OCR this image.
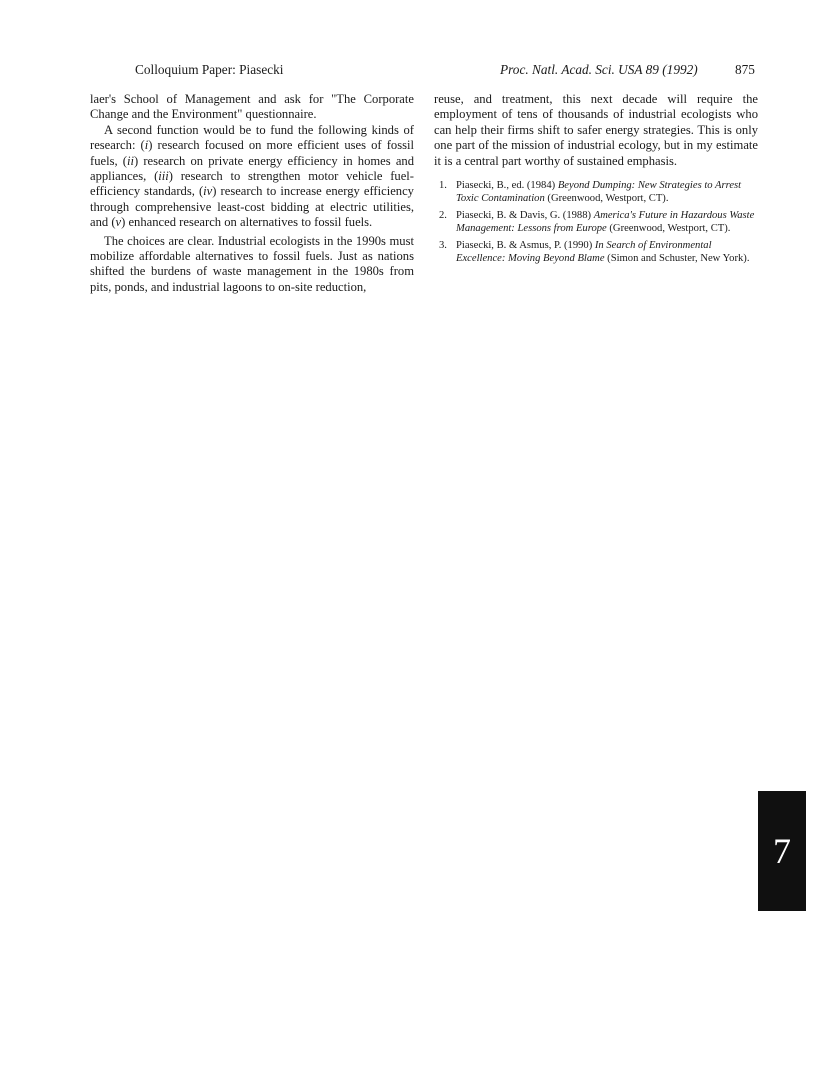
Colloquium Paper: Piasecki	Proc. Natl. Acad. Sci. USA 89 (1992)	875

laer's School of Management and ask for "The Corporate Change and the Environment" questionnaire.

A second function would be to fund the following kinds of research: (i) research focused on more efficient uses of fossil fuels, (ii) research on private energy efficiency in homes and appliances, (iii) research to strengthen motor vehicle fuel-efficiency standards, (iv) research to increase energy efficiency through comprehensive least-cost bidding at electric utilities, and (v) enhanced research on alternatives to fossil fuels.

The choices are clear. Industrial ecologists in the 1990s must mobilize affordable alternatives to fossil fuels. Just as nations shifted the burdens of waste management in the 1980s from pits, ponds, and industrial lagoons to on-site reduction,

reuse, and treatment, this next decade will require the employment of tens of thousands of industrial ecologists who can help their firms shift to safer energy strategies. This is only one part of the mission of industrial ecology, but in my estimate it is a central part worthy of sustained emphasis.

1. Piasecki, B., ed. (1984) Beyond Dumping: New Strategies to Arrest Toxic Contamination (Greenwood, Westport, CT).
2. Piasecki, B. & Davis, G. (1988) America's Future in Hazardous Waste Management: Lessons from Europe (Greenwood, Westport, CT).
3. Piasecki, B. & Asmus, P. (1990) In Search of Environmental Excellence: Moving Beyond Blame (Simon and Schuster, New York).
7
